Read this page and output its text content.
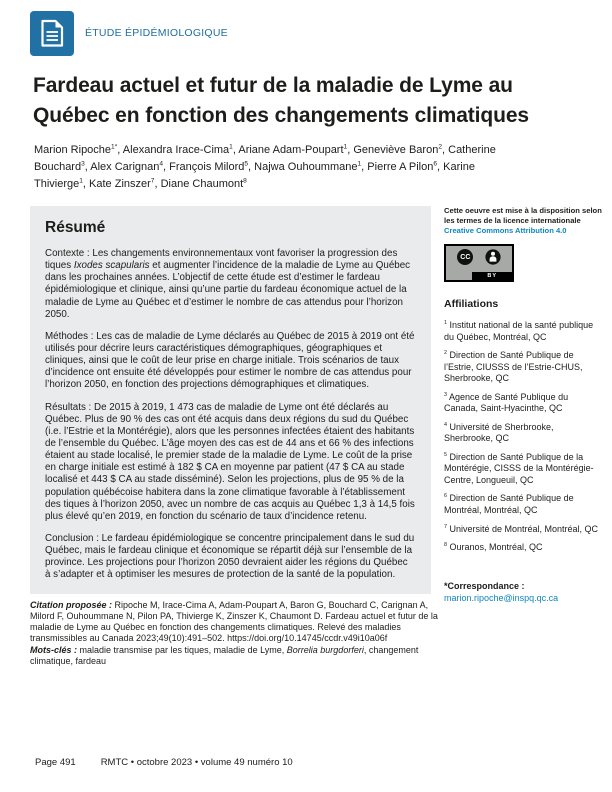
ÉTUDE ÉPIDÉMIOLOGIQUE
Fardeau actuel et futur de la maladie de Lyme au Québec en fonction des changements climatiques
Marion Ripoche$^{1*}$, Alexandra Irace-Cima$^1$, Ariane Adam-Poupart$^1$, Geneviève Baron$^2$, Catherine Bouchard$^3$, Alex Carignan$^4$, François Milord$^5$, Najwa Ouhoummane$^1$, Pierre A Pilon$^6$, Karine Thivierge$^1$, Kate Zinszer$^7$, Diane Chaumont$^8$
Résumé

Contexte : Les changements environnementaux vont favoriser la progression des tiques Ixodes scapularis et augmenter l’incidence de la maladie de Lyme au Québec dans les prochaines années. L’objectif de cette étude est d’estimer le fardeau épidémiologique et clinique, ainsi qu’une partie du fardeau économique actuel de la maladie de Lyme au Québec et d’estimer le nombre de cas attendus pour l’horizon 2050.

Méthodes : Les cas de maladie de Lyme déclarés au Québec de 2015 à 2019 ont été utilisés pour décrire leurs caractéristiques démographiques, géographiques et cliniques, ainsi que le coût de leur prise en charge initiale. Trois scénarios de taux d’incidence ont ensuite été développés pour estimer le nombre de cas attendus pour l’horizon 2050, en fonction des projections démographiques et climatiques.

Résultats : De 2015 à 2019, 1 473 cas de maladie de Lyme ont été déclarés au Québec. Plus de 90 % des cas ont été acquis dans deux régions du sud du Québec (i.e. l’Estrie et la Montérégie), alors que les personnes infectées étaient des habitants de l’ensemble du Québec. L’âge moyen des cas est de 44 ans et 66 % des infections étaient au stade localisé, le premier stade de la maladie de Lyme. Le coût de la prise en charge initiale est estimé à 182 $ CA en moyenne par patient (47 $ CA au stade localisé et 443 $ CA au stade disséminé). Selon les projections, plus de 95 % de la population québécoise habitera dans la zone climatique favorable à l’établissement des tiques à l’horizon 2050, avec un nombre de cas acquis au Québec 1,3 à 14,5 fois plus élevé qu’en 2019, en fonction du scénario de taux d’incidence retenu.

Conclusion : Le fardeau épidémiologique se concentre principalement dans le sud du Québec, mais le fardeau clinique et économique se répartit déjà sur l’ensemble de la province. Les projections pour l’horizon 2050 devraient aider les régions du Québec à s’adapter et à optimiser les mesures de protection de la santé de la population.

Citation proposée : Ripoche M, Irace-Cima A, Adam-Poupart A, Baron G, Bouchard C, Carignan A, Milord F, Ouhoummane N, Pilon PA, Thivierge K, Zinszer K, Chaumont D. Fardeau actuel et futur de la maladie de Lyme au Québec en fonction des changements climatiques. Relevé des maladies transmissibles au Canada 2023;49(10):491–502. https://doi.org/10.14745/ccdr.v49i10a06f

Mots-clés : maladie transmise par les tiques, maladie de Lyme, Borrelia burgdorferi, changement climatique, fardeau

Cette oeuvre est mise à la disposition selon les termes de la licence internationale Creative Commons Attribution 4.0
CC
BY
Affiliations

$^1$ Institut national de la santé publique du Québec, Montréal, QC

$^2$ Direction de Santé Publique de l’Estrie, CIUSSS de l’Estrie-CHUS, Sherbrooke, QC

$^3$ Agence de Santé Publique du Canada, Saint-Hyacinthe, QC

$^4$ Université de Sherbrooke, Sherbrooke, QC

$^5$ Direction de Santé Publique de la Montérégie, CISSS de la Montérégie-Centre, Longueuil, QC

$^6$ Direction de Santé Publique de Montréal, Montréal, QC

$^7$ Université de Montréal, Montréal, QC

$^8$ Ouranos, Montréal, QC

*Correspondance :
marion.ripoche@inspq.qc.ca
Page 491	RMTC • octobre 2023 • volume 49 numéro 10
